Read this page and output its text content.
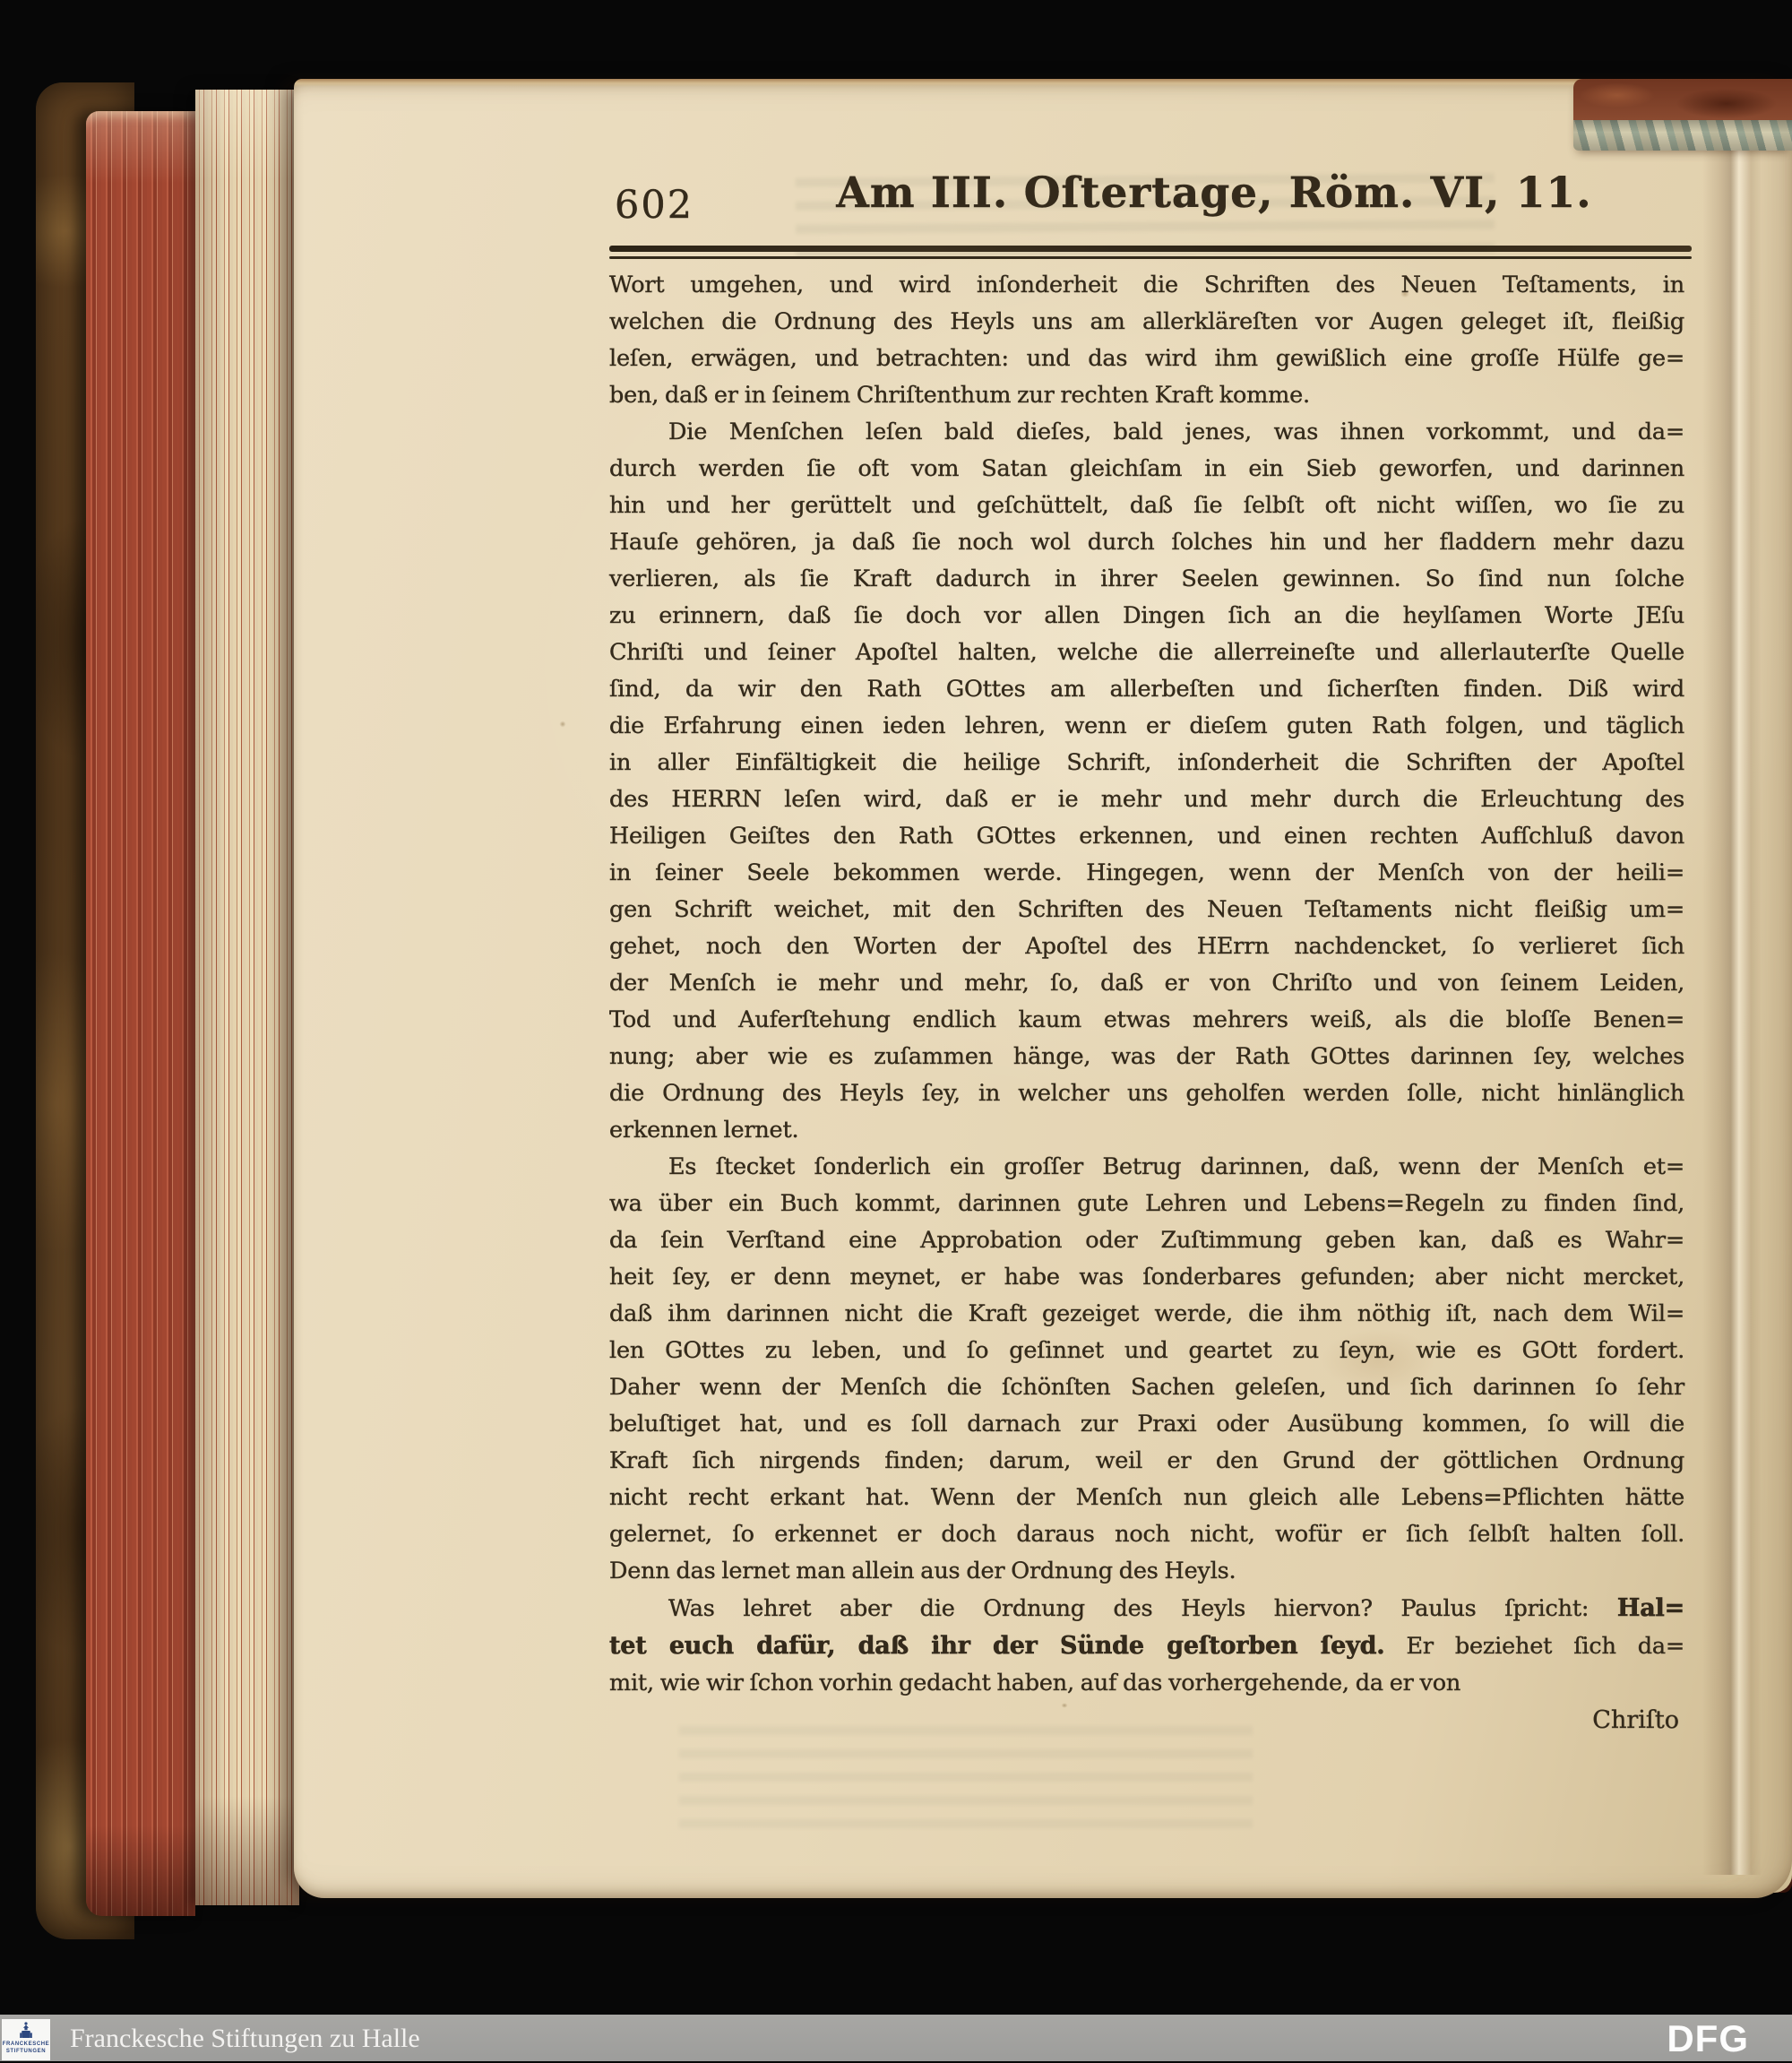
602	Am III. Oſtertage, Röm. VI, 11.
Wort umgehen, und wird inſonderheit die Schriften des Neuen Teſtaments, in
welchen die Ordnung des Heyls uns am allerkläreſten vor Augen geleget iſt, fleißig
leſen, erwägen, und betrachten: und das wird ihm gewißlich eine groſſe Hülfe ge=
ben, daß er in ſeinem Chriſtenthum zur rechten Kraft komme.
Die Menſchen leſen bald dieſes, bald jenes, was ihnen vorkommt, und da=
durch werden ſie oft vom Satan gleichſam in ein Sieb geworfen, und darinnen
hin und her gerüttelt und geſchüttelt, daß ſie ſelbſt oft nicht wiſſen, wo ſie zu
Hauſe gehören, ja daß ſie noch wol durch ſolches hin und her fladdern mehr dazu
verlieren, als ſie Kraft dadurch in ihrer Seelen gewinnen. So ſind nun ſolche
zu erinnern, daß ſie doch vor allen Dingen ſich an die heylſamen Worte JEſu
Chriſti und ſeiner Apoſtel halten, welche die allerreineſte und allerlauterſte Quelle
ſind, da wir den Rath GOttes am allerbeſten und ſicherſten finden. Diß wird
die Erfahrung einen ieden lehren, wenn er dieſem guten Rath folgen, und täglich
in aller Einfältigkeit die heilige Schrift, inſonderheit die Schriften der Apoſtel
des HERRN leſen wird, daß er ie mehr und mehr durch die Erleuchtung des
Heiligen Geiſtes den Rath GOttes erkennen, und einen rechten Aufſchluß davon
in ſeiner Seele bekommen werde. Hingegen, wenn der Menſch von der heili=
gen Schrift weichet, mit den Schriften des Neuen Teſtaments nicht fleißig um=
gehet, noch den Worten der Apoſtel des HErrn nachdencket, ſo verlieret ſich
der Menſch ie mehr und mehr, ſo, daß er von Chriſto und von ſeinem Leiden,
Tod und Auferſtehung endlich kaum etwas mehrers weiß, als die bloſſe Benen=
nung; aber wie es zuſammen hänge, was der Rath GOttes darinnen ſey, welches
die Ordnung des Heyls ſey, in welcher uns geholfen werden ſolle, nicht hinlänglich
erkennen lernet.
Es ſtecket ſonderlich ein groſſer Betrug darinnen, daß, wenn der Menſch et=
wa über ein Buch kommt, darinnen gute Lehren und Lebens=Regeln zu finden ſind,
da ſein Verſtand eine Approbation oder Zuſtimmung geben kan, daß es Wahr=
heit ſey, er denn meynet, er habe was ſonderbares gefunden; aber nicht mercket,
daß ihm darinnen nicht die Kraft gezeiget werde, die ihm nöthig iſt, nach dem Wil=
len GOttes zu leben, und ſo geſinnet und geartet zu ſeyn, wie es GOtt fordert.
Daher wenn der Menſch die ſchönſten Sachen geleſen, und ſich darinnen ſo ſehr
beluſtiget hat, und es ſoll darnach zur Praxi oder Ausübung kommen, ſo will die
Kraft ſich nirgends finden; darum, weil er den Grund der göttlichen Ordnung
nicht recht erkant hat. Wenn der Menſch nun gleich alle Lebens=Pflichten hätte
gelernet, ſo erkennet er doch daraus noch nicht, wofür er ſich ſelbſt halten ſoll.
Denn das lernet man allein aus der Ordnung des Heyls.
Was lehret aber die Ordnung des Heyls hiervon? Paulus ſpricht: Hal=
tet euch dafür, daß ihr der Sünde geſtorben ſeyd. Er beziehet ſich da=
mit, wie wir ſchon vorhin gedacht haben, auf das vorhergehende, da er von
Chriſto
FRANCKESCHE
STIFTUNGEN Franckesche Stiftungen zu Halle	DFG
